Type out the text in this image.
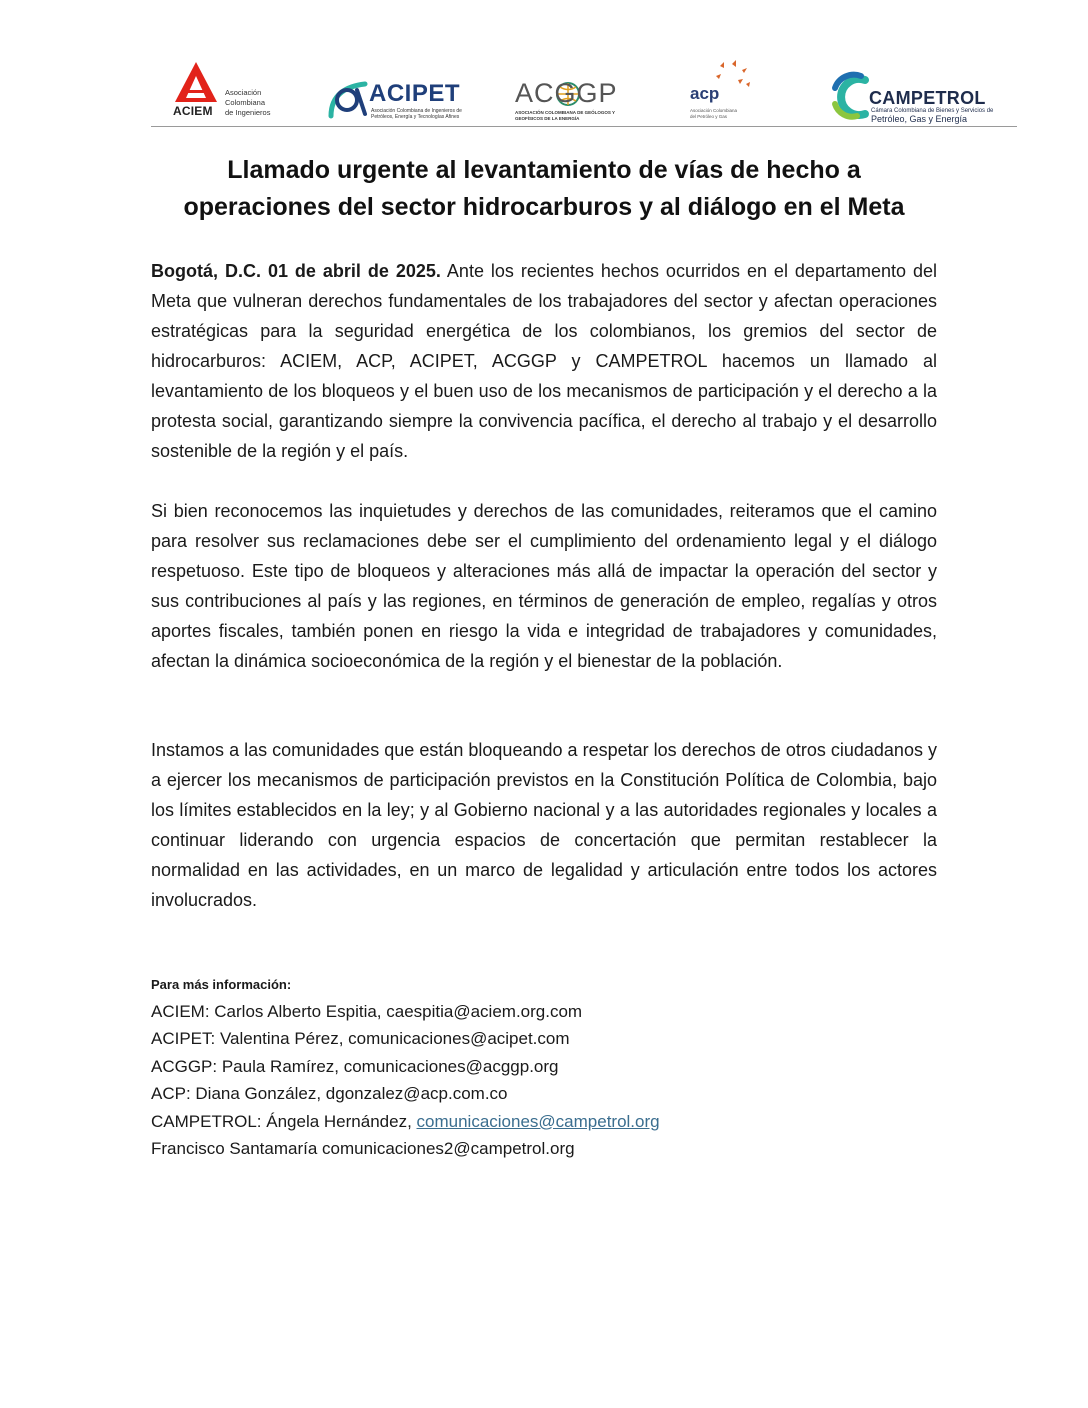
ACIEM
Asociación
Colombiana
de Ingenieros
ACIPET
Asociación Colombiana de Ingenieros de
Petróleos, Energía y Tecnologías Afines
ACGGP
ASOCIACIÓN COLOMBIANA DE GEÓLOGOS Y
GEOFÍSICOS DE LA ENERGÍA
acp
Asociación Colombiana
del Petróleo y Gas
CAMPETROL
Cámara Colombiana de Bienes y Servicios de
Petróleo, Gas y Energía
Llamado urgente al levantamiento de vías de hecho a operaciones del sector hidrocarburos y al diálogo en el Meta

Bogotá, D.C. 01 de abril de 2025. Ante los recientes hechos ocurridos en el departamento del Meta que vulneran derechos fundamentales de los trabajadores del sector y afectan operaciones estratégicas para la seguridad energética de los colombianos, los gremios del sector de hidrocarburos: ACIEM, ACP, ACIPET, ACGGP y CAMPETROL hacemos un llamado al levantamiento de los bloqueos y el buen uso de los mecanismos de participación y el derecho a la protesta social, garantizando siempre la convivencia pacífica, el derecho al trabajo y el desarrollo sostenible de la región y el país.

Si bien reconocemos las inquietudes y derechos de las comunidades, reiteramos que el camino para resolver sus reclamaciones debe ser el cumplimiento del ordenamiento legal y el diálogo respetuoso. Este tipo de bloqueos y alteraciones más allá de impactar la operación del sector y sus contribuciones al país y las regiones, en términos de generación de empleo, regalías y otros aportes fiscales, también ponen en riesgo la vida e integridad de trabajadores y comunidades, afectan la dinámica socioeconómica de la región y el bienestar de la población.

Instamos a las comunidades que están bloqueando a respetar los derechos de otros ciudadanos y a ejercer los mecanismos de participación previstos en la Constitución Política de Colombia, bajo los límites establecidos en la ley; y al Gobierno nacional y a las autoridades regionales y locales a continuar liderando con urgencia espacios de concertación que permitan restablecer la normalidad en las actividades, en un marco de legalidad y articulación entre todos los actores involucrados.

Para más información:
ACIEM: Carlos Alberto Espitia, caespitia@aciem.org.com
ACIPET: Valentina Pérez, comunicaciones@acipet.com
ACGGP: Paula Ramírez, comunicaciones@acggp.org
ACP: Diana González, dgonzalez@acp.com.co
CAMPETROL: Ángela Hernández, comunicaciones@campetrol.org
Francisco Santamaría comunicaciones2@campetrol.org
